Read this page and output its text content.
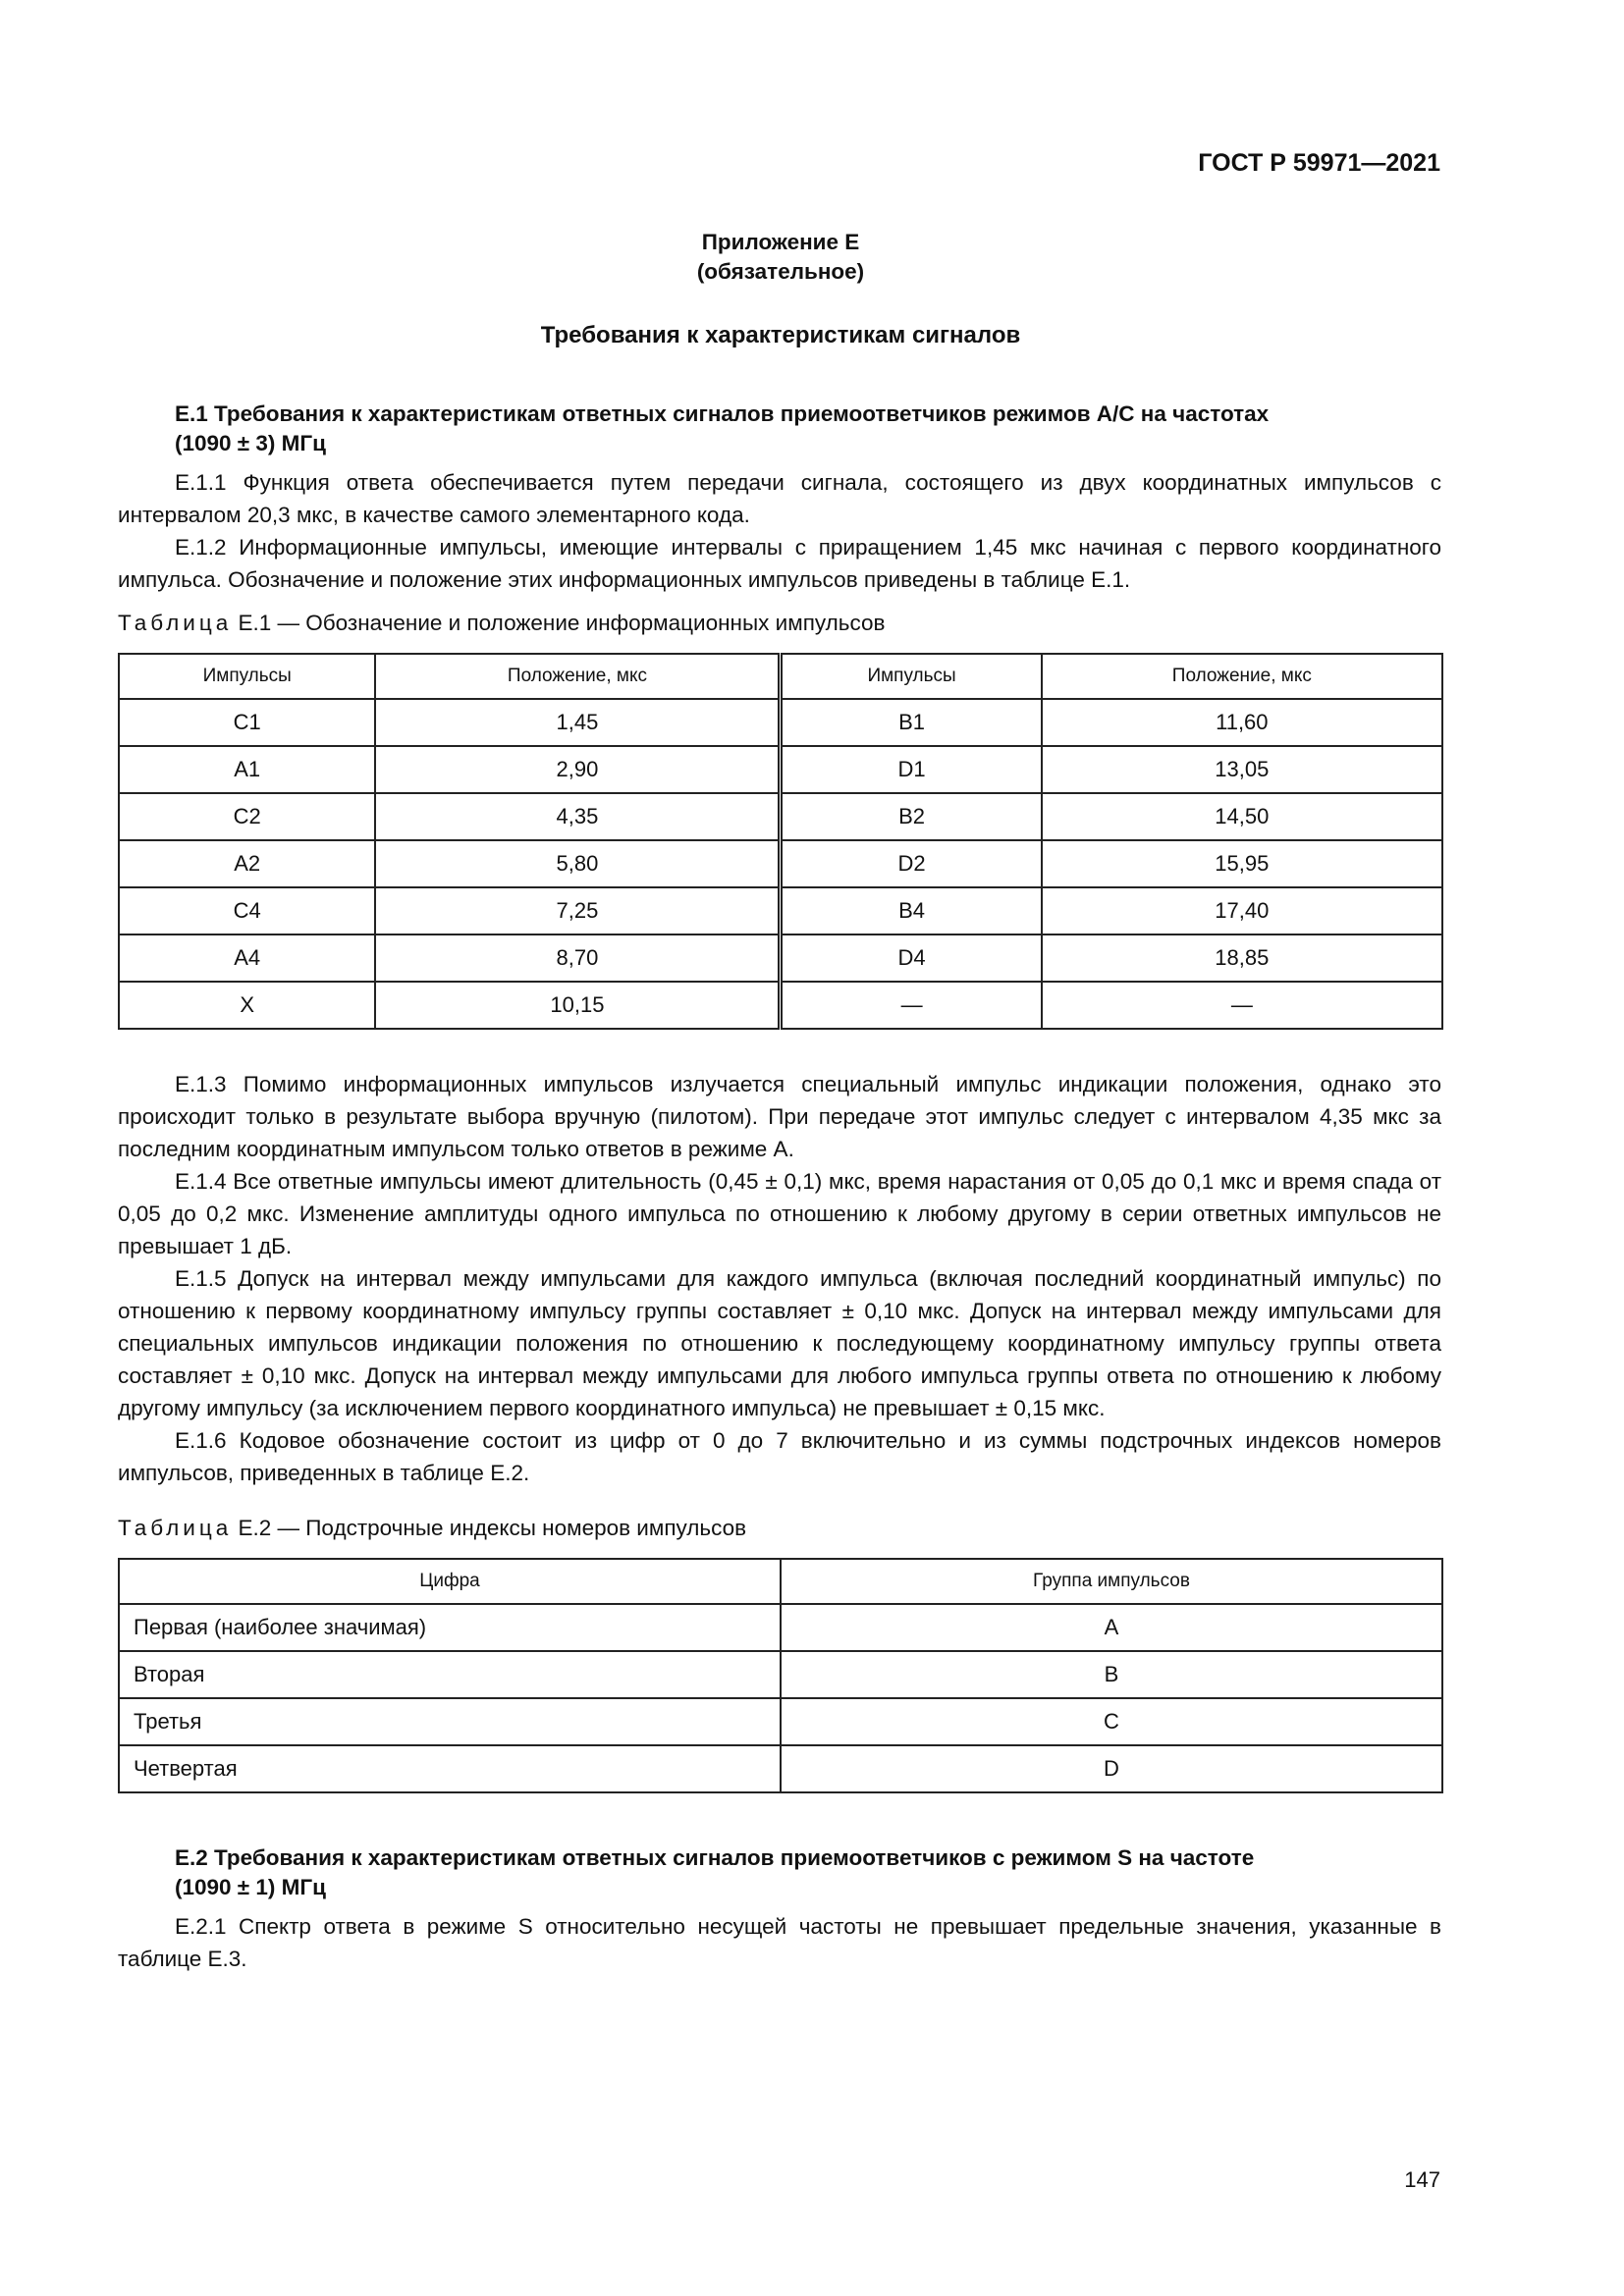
ГОСТ Р 59971—2021
Приложение Е
(обязательное)
Требования к характеристикам сигналов
Е.1 Требования к характеристикам ответных сигналов приемоответчиков режимов А/С на частотах
(1090 ± 3) МГц

Е.1.1 Функция ответа обеспечивается путем передачи сигнала, состоящего из двух координатных импульсов с интервалом 20,3 мкс, в качестве самого элементарного кода.

Е.1.2 Информационные импульсы, имеющие интервалы с приращением 1,45 мкс начиная с первого координатного импульса. Обозначение и положение этих информационных импульсов приведены в таблице Е.1.

Таблица Е.1 — Обозначение и положение информационных импульсов
Импульсы	Положение, мкс	Импульсы	Положение, мкс
С1	1,45	В1	11,60
А1	2,90	D1	13,05
С2	4,35	В2	14,50
А2	5,80	D2	15,95
С4	7,25	В4	17,40
А4	8,70	D4	18,85
X	10,15	—	—

Е.1.3 Помимо информационных импульсов излучается специальный импульс индикации положения, однако это происходит только в результате выбора вручную (пилотом). При передаче этот импульс следует с интервалом 4,35 мкс за последним координатным импульсом только ответов в режиме А.

Е.1.4 Все ответные импульсы имеют длительность (0,45 ± 0,1) мкс, время нарастания от 0,05 до 0,1 мкс и время спада от 0,05 до 0,2 мкс. Изменение амплитуды одного импульса по отношению к любому другому в серии ответных импульсов не превышает 1 дБ.

Е.1.5 Допуск на интервал между импульсами для каждого импульса (включая последний координатный импульс) по отношению к первому координатному импульсу группы составляет ± 0,10 мкс. Допуск на интервал между импульсами для специальных импульсов индикации положения по отношению к последующему координатному импульсу группы ответа составляет ± 0,10 мкс. Допуск на интервал между импульсами для любого импульса группы ответа по отношению к любому другому импульсу (за исключением первого координатного импульса) не превышает ± 0,15 мкс.

Е.1.6 Кодовое обозначение состоит из цифр от 0 до 7 включительно и из суммы подстрочных индексов номеров импульсов, приведенных в таблице Е.2.

Таблица Е.2 — Подстрочные индексы номеров импульсов
Цифра	Группа импульсов
Первая (наиболее значимая)	A
Вторая	B
Третья	C
Четвертая	D
Е.2 Требования к характеристикам ответных сигналов приемоответчиков с режимом S на частоте
(1090 ± 1) МГц

Е.2.1 Спектр ответа в режиме S относительно несущей частоты не превышает предельные значения, указанные в таблице Е.3.

147
